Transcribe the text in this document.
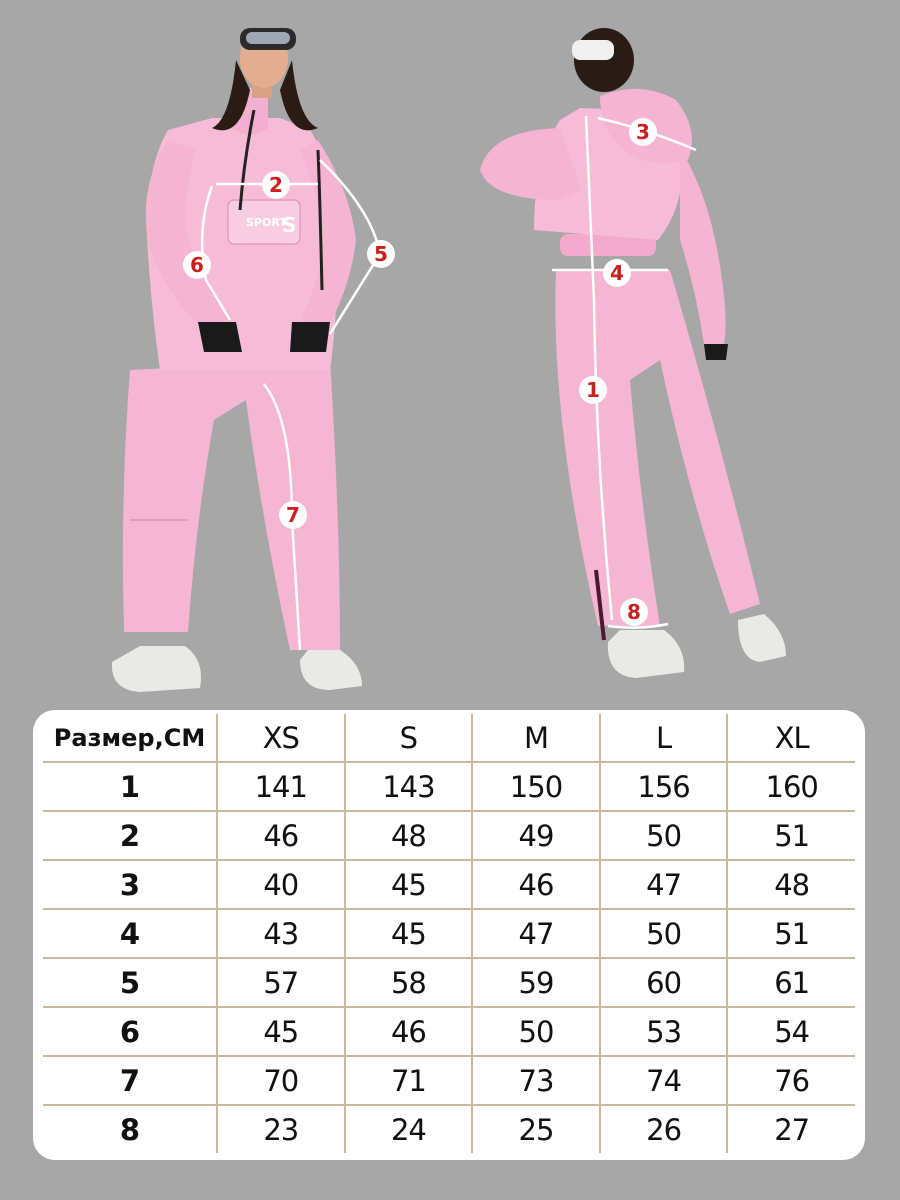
SPORT
S
1
2
3
4
5
6
7
8
Размер,СМ	XS	S	M	L	XL
1	141	143	150	156	160
2	46	48	49	50	51
3	40	45	46	47	48
4	43	45	47	50	51
5	57	58	59	60	61
6	45	46	50	53	54
7	70	71	73	74	76
8	23	24	25	26	27
